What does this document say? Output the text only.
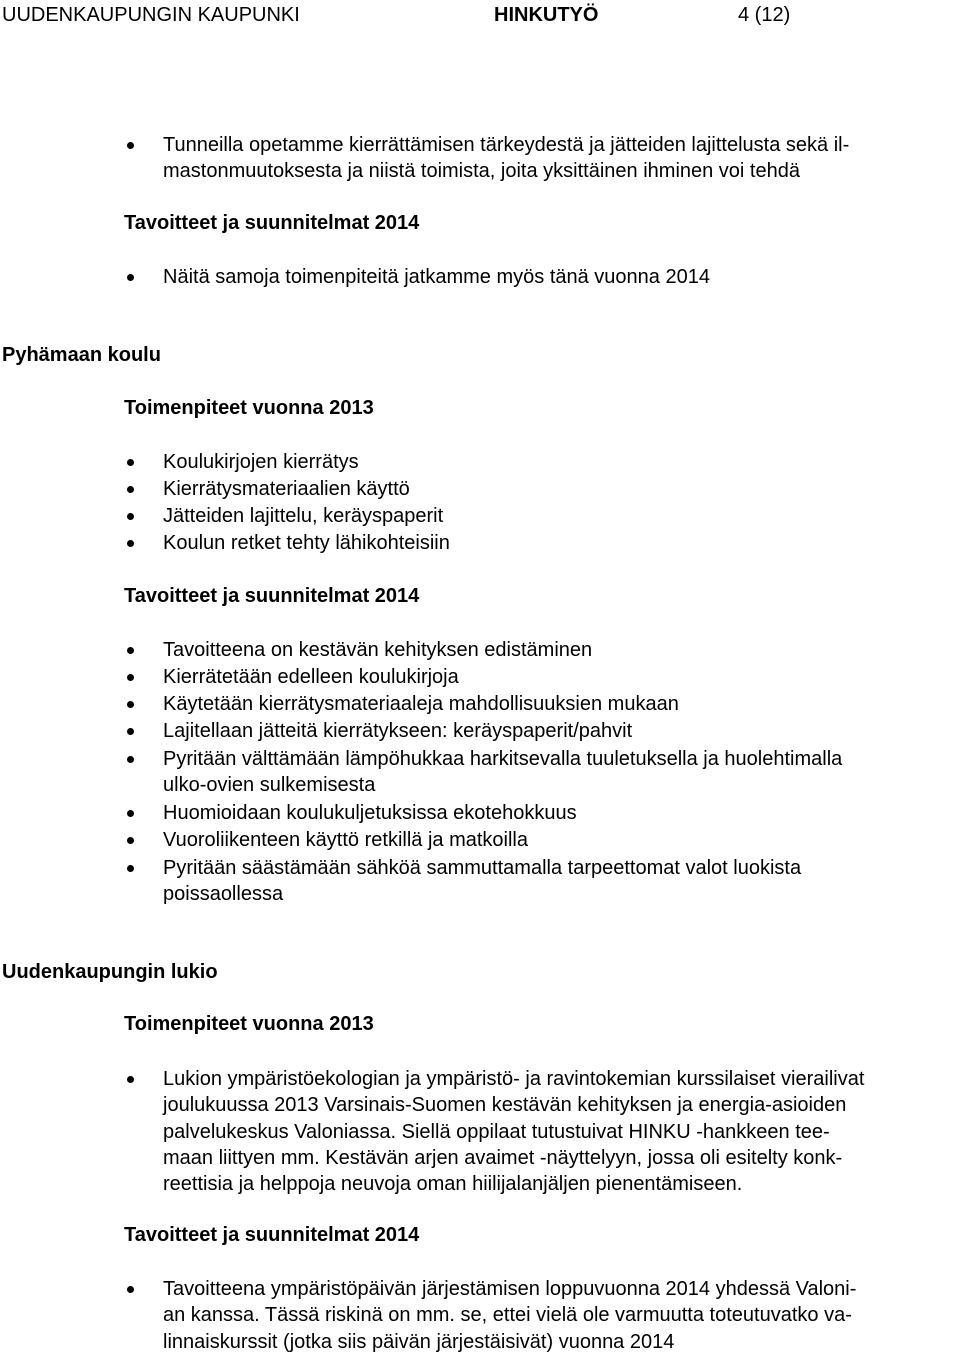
UUDENKAUPUNGIN KAUPUNKI	HINKUTYÖ	4 (12)
Tunneilla opetamme kierrättämisen tärkeydestä ja jätteiden lajittelusta sekä il-
mastonmuutoksesta ja niistä toimista, joita yksittäinen ihminen voi tehdä
Tavoitteet ja suunnitelmat 2014
Näitä samoja toimenpiteitä jatkamme myös tänä vuonna 2014
Pyhämaan koulu
Toimenpiteet vuonna 2013
Koulukirjojen kierrätys
Kierrätysmateriaalien käyttö
Jätteiden lajittelu, keräyspaperit
Koulun retket tehty lähikohteisiin
Tavoitteet ja suunnitelmat 2014
Tavoitteena on kestävän kehityksen edistäminen
Kierrätetään edelleen koulukirjoja
Käytetään kierrätysmateriaaleja mahdollisuuksien mukaan
Lajitellaan jätteitä kierrätykseen: keräyspaperit/pahvit
Pyritään välttämään lämpöhukkaa harkitsevalla tuuletuksella ja huolehtimalla
ulko-ovien sulkemisesta
Huomioidaan koulukuljetuksissa ekotehokkuus
Vuoroliikenteen käyttö retkillä ja matkoilla
Pyritään säästämään sähköä sammuttamalla tarpeettomat valot luokista
poissaollessa
Uudenkaupungin lukio
Toimenpiteet vuonna 2013
Lukion ympäristöekologian ja ympäristö- ja ravintokemian kurssilaiset vierailivat
joulukuussa 2013 Varsinais-Suomen kestävän kehityksen ja energia-asioiden
palvelukeskus Valoniassa. Siellä oppilaat tutustuivat HINKU -hankkeen tee-
maan liittyen mm. Kestävän arjen avaimet -näyttelyyn, jossa oli esitelty konk-
reettisia ja helppoja neuvoja oman hiilijalanjäljen pienentämiseen.
Tavoitteet ja suunnitelmat 2014
Tavoitteena ympäristöpäivän järjestämisen loppuvuonna 2014 yhdessä Valoni-
an kanssa. Tässä riskinä on mm. se, ettei vielä ole varmuutta toteutuvatko va-
linnaiskurssit (jotka siis päivän järjestäisivät) vuonna 2014
